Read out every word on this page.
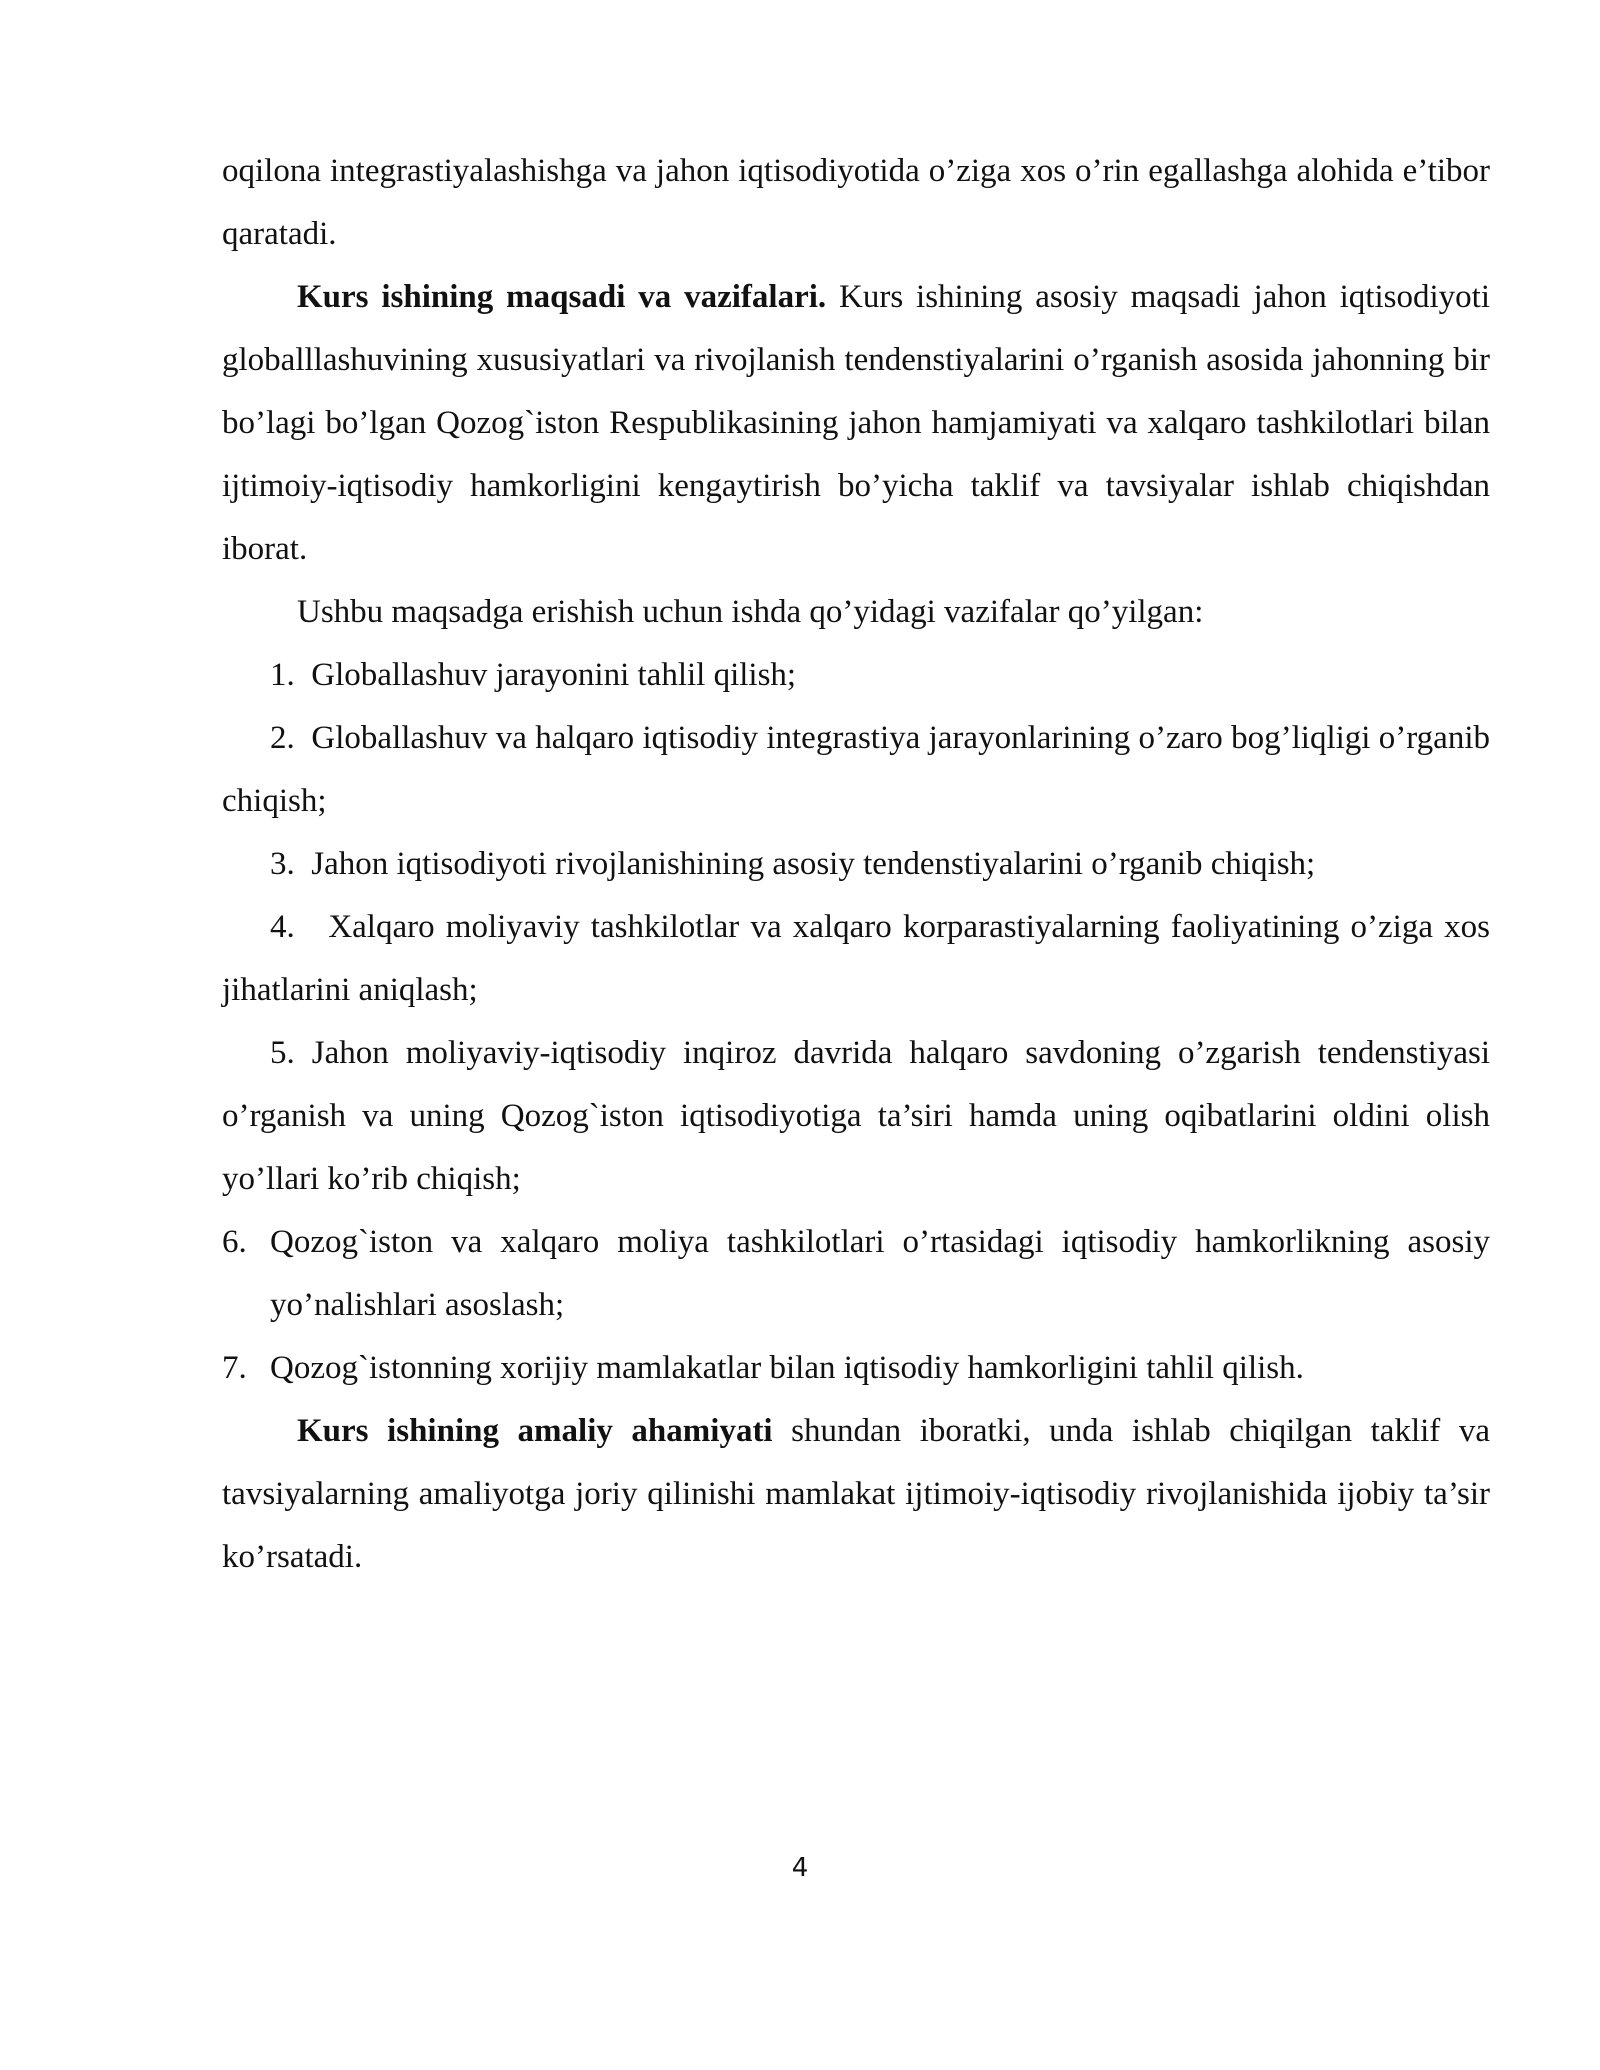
oqilona integrastiyalashishga va jahon iqtisodiyotida o’ziga xos o’rin egallashga alohida e’tibor qaratadi.

Kurs ishining maqsadi va vazifalari. Kurs ishining asosiy maqsadi jahon iqtisodiyoti globalllashuvining xususiyatlari va rivojlanish tendenstiyalarini o’rganish asosida jahonning bir bo’lagi bo’lgan Qozog`iston Respublikasining jahon hamjamiyati va xalqaro tashkilotlari bilan ijtimoiy-iqtisodiy hamkorligini kengaytirish bo’yicha taklif va tavsiyalar ishlab chiqishdan iborat.

Ushbu maqsadga erishish uchun ishda qo’yidagi vazifalar qo’yilgan:

1. Globallashuv jarayonini tahlil qilish;

2. Globallashuv va halqaro iqtisodiy integrastiya jarayonlarining o’zaro bog’liqligi o’rganib chiqish;

3. Jahon iqtisodiyoti rivojlanishining asosiy tendenstiyalarini o’rganib chiqish;

4.   Xalqaro moliyaviy tashkilotlar va xalqaro korparastiyalarning faoliyatining o’ziga xos jihatlarini aniqlash;

5. Jahon moliyaviy-iqtisodiy inqiroz davrida halqaro savdoning o’zgarish tendenstiyasi o’rganish va uning Qozog`iston iqtisodiyotiga ta’siri hamda uning oqibatlarini oldini olish yo’llari ko’rib chiqish;

6. Qozog`iston va xalqaro moliya tashkilotlari o’rtasidagi iqtisodiy hamkorlikning asosiy yo’nalishlari asoslash;

7. Qozog`istonning xorijiy mamlakatlar bilan iqtisodiy hamkorligini tahlil qilish.

Kurs ishining amaliy ahamiyati shundan iboratki, unda ishlab chiqilgan taklif va tavsiyalarning amaliyotga joriy qilinishi mamlakat ijtimoiy-iqtisodiy rivojlanishida ijobiy ta’sir ko’rsatadi.

4
